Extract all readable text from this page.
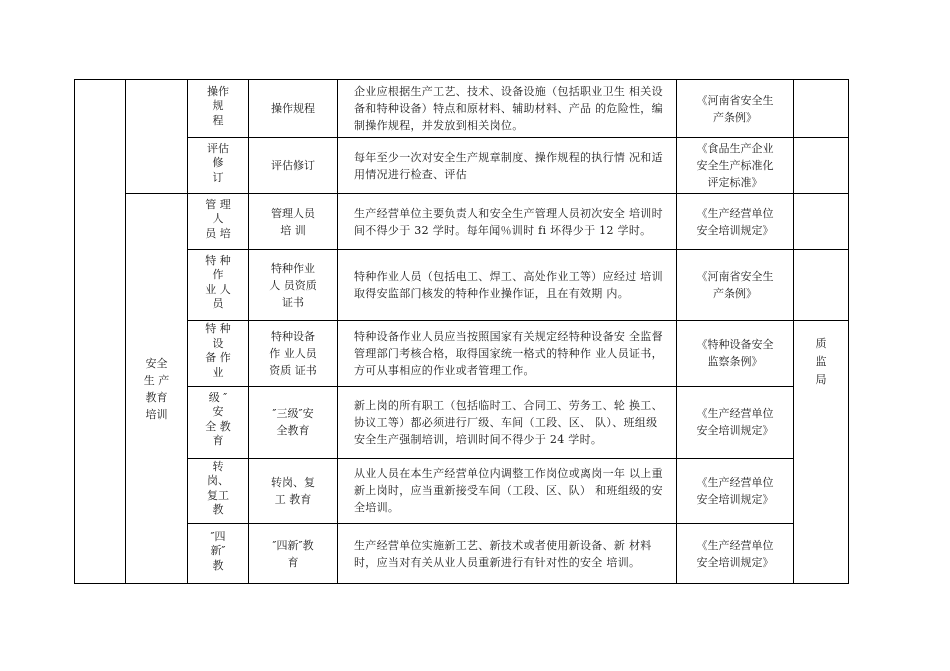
		操作
规
程	操作规程	企业应根据生产工艺、技术、设备设施（包括职业卫生 相关设备和特种设备）特点和原材料、辅助材料、产品 的危险性，编制操作规程，并发放到相关岗位。	《河南省安全生
产条例》	
		评估
修
订	评估修订	每年至少一次对安全生产规章制度、操作规程的执行情 况和适用情况进行检查、评估	《食品生产企业
安全生产标准化
评定标准》	
	安全
生 产
教育
培训	管 理
人
员 培	管理人员
培 训	生产经营单位主要负责人和安全生产管理人员初次安全 培训时间不得少于 32 学时。每年闻％训时 fi 坏得少于 12 学时。	《生产经营单位
安全培训规定》	
		特 种
作
业 人
员	特种作业
人 员资质
证书	特种作业人员（包括电工、焊工、高处作业工等）应经过 培训取得安监部门核发的特种作业操作证，且在有效期 内。	《河南省安全生
产条例》	
		特 种
设
备 作
业	特种设备
作 业人员
资质 证书	特种设备作业人员应当按照国家有关规定经特种设备安 全监督管理部门考核合格，取得国家统一格式的特种作 业人员证书，方可从事相应的作业或者管理工作。	《特种设备安全
监察条例》	质
监
局
		级 ″
安
全 教
育	″三级″安
全教育	新上岗的所有职工（包括临时工、合同工、劳务工、轮 换工、协议工等）都必须进行厂级、车间（工段、区、 队）、班组级安全生产强制培训，培训时间不得少于 24 学时。	《生产经营单位
安全培训规定》	
		转
岗、
复工
教	转岗、复
工 教育	从业人员在本生产经营单位内调整工作岗位或离岗一年 以上重新上岗时，应当重新接受车间（工段、区、队） 和班组级的安全培训。	《生产经营单位
安全培训规定》	
		″四
新″
教	″四新″教
育	生产经营单位实施新工艺、新技术或者使用新设备、新 材料时，应当对有关从业人员重新进行有针对性的安全 培训。	《生产经营单位
安全培训规定》	
